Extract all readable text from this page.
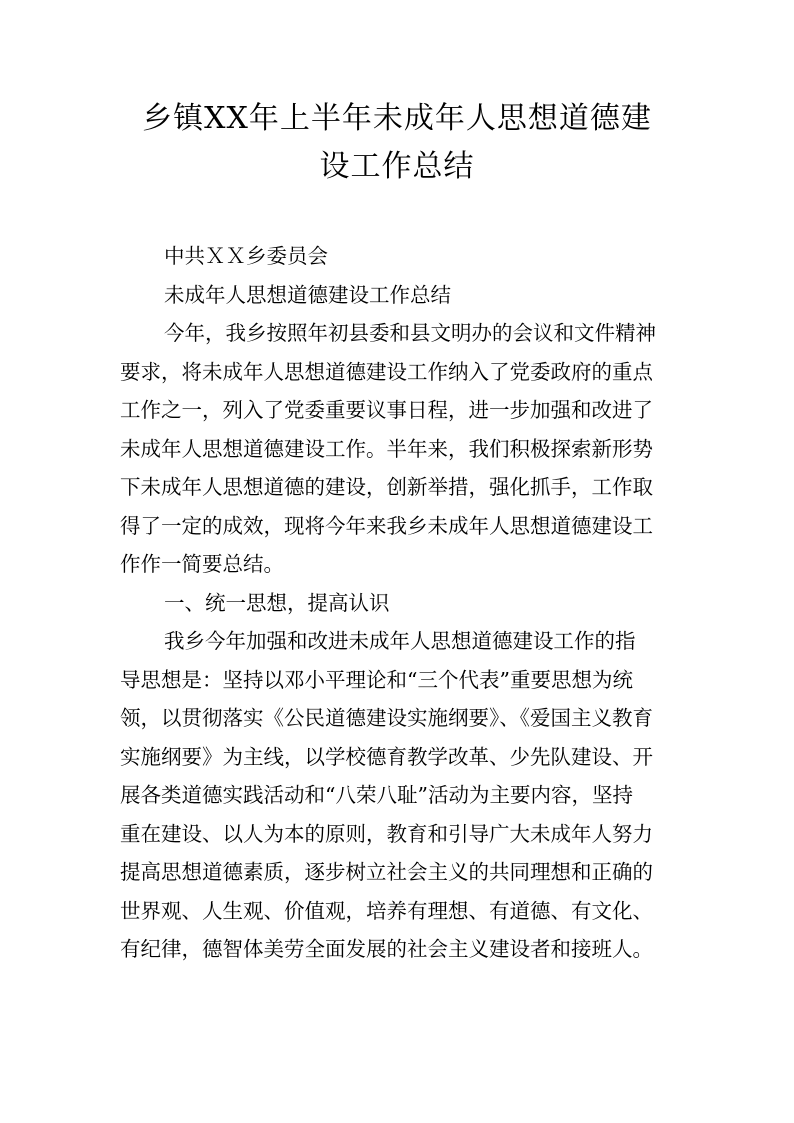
乡镇XX年上半年未成年人思想道德建
设工作总结
中共ＸＸ乡委员会
未成年人思想道德建设工作总结
今年，我乡按照年初县委和县文明办的会议和文件精神
要求，将未成年人思想道德建设工作纳入了党委政府的重点
工作之一，列入了党委重要议事日程，进一步加强和改进了
未成年人思想道德建设工作。半年来，我们积极探索新形势
下未成年人思想道德的建设，创新举措，强化抓手，工作取
得了一定的成效，现将今年来我乡未成年人思想道德建设工
作作一简要总结。
一、统一思想，提高认识
我乡今年加强和改进未成年人思想道德建设工作的指
导思想是：坚持以邓小平理论和“三个代表”重要思想为统
领，以贯彻落实《公民道德建设实施纲要》、《爱国主义教育
实施纲要》为主线，以学校德育教学改革、少先队建设、开
展各类道德实践活动和“八荣八耻”活动为主要内容，坚持
重在建设、以人为本的原则，教育和引导广大未成年人努力
提高思想道德素质，逐步树立社会主义的共同理想和正确的
世界观、人生观、价值观，培养有理想、有道德、有文化、
有纪律，德智体美劳全面发展的社会主义建设者和接班人。
